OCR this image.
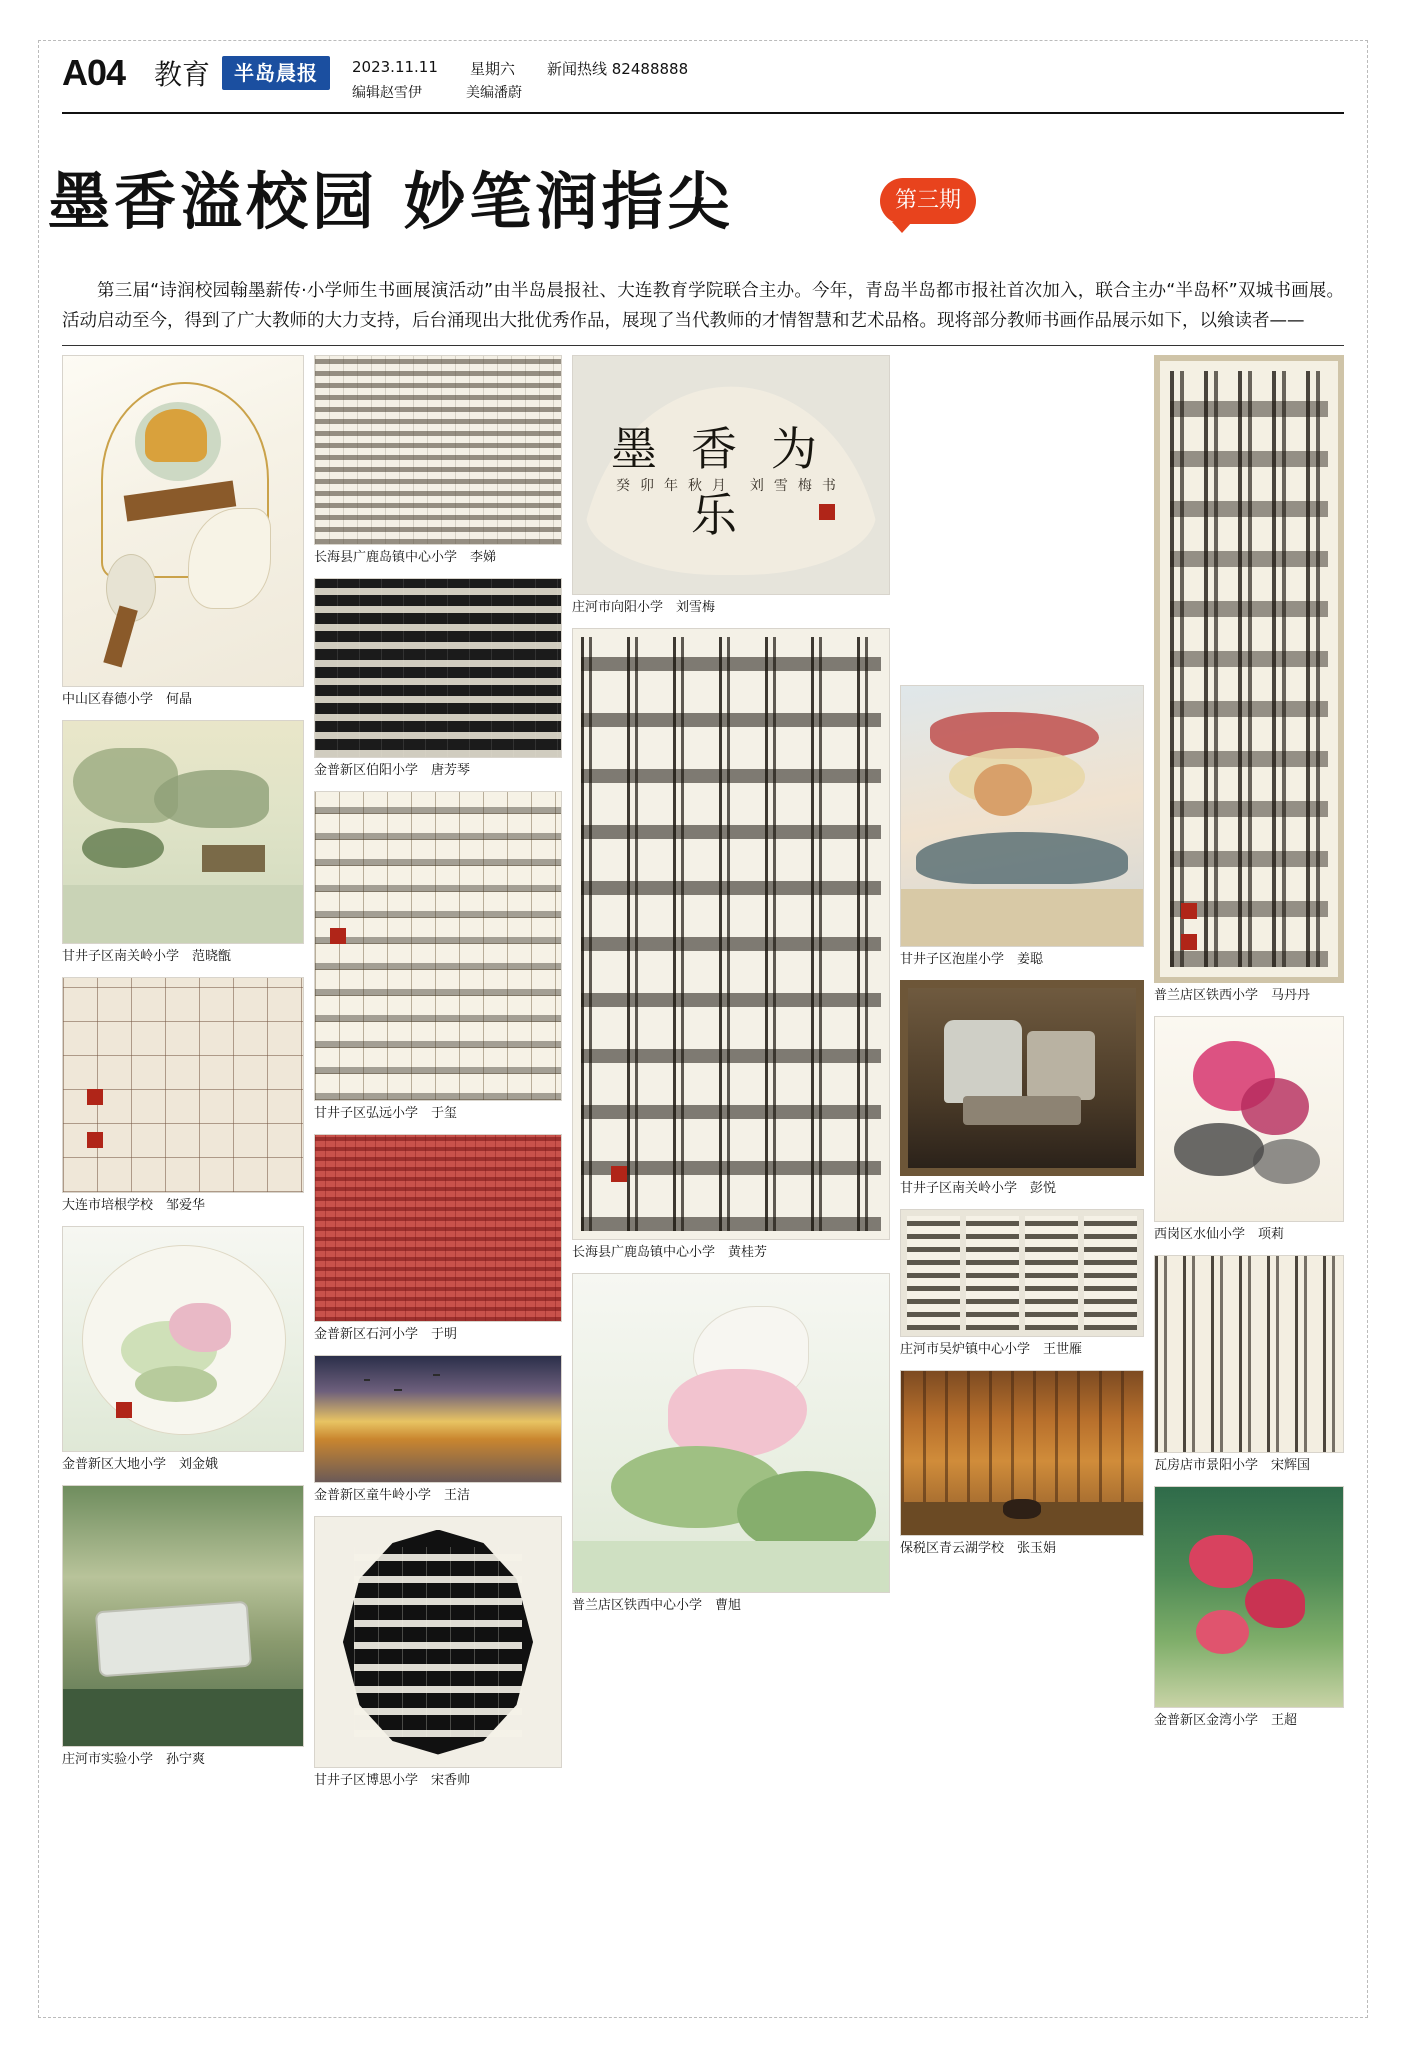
A04 教育	半岛晨报	2023.11.11 星期六 新闻热线 82488888
编辑赵雪伊	美编潘蔚
墨香溢校园 妙笔润指尖	第三期
第三届“诗润校园翰墨薪传·小学师生书画展演活动”由半岛晨报社、大连教育学院联合主办。今年，青岛半岛都市报社首次加入，联合主办“半岛杯”双城书画展。活动启动至今，得到了广大教师的大力支持，后台涌现出大批优秀作品，展现了当代教师的才情智慧和艺术品格。现将部分教师书画作品展示如下，以飨读者——
中山区春德小学　何晶
甘井子区南关岭小学　范晓甑
大连市培根学校　邹爱华
金普新区大地小学　刘金娥
庄河市实验小学　孙宁爽
长海县广鹿岛镇中心小学　李娣
金普新区伯阳小学　唐芳琴
甘井子区弘远小学　于玺
金普新区石河小学　于明
金普新区童牛岭小学　王洁
甘井子区博思小学　宋香帅
墨香为乐
癸卯年秋月 刘雪梅书
庄河市向阳小学　刘雪梅
长海县广鹿岛镇中心小学　黄桂芳
普兰店区铁西中心小学　曹旭
甘井子区泡崖小学　姜聪
甘井子区南关岭小学　彭悦
庄河市吴炉镇中心小学　王世雁
保税区青云湖学校　张玉娟
普兰店区铁西小学　马丹丹
西岗区水仙小学　项莉
瓦房店市景阳小学　宋辉国
金普新区金湾小学　王超
